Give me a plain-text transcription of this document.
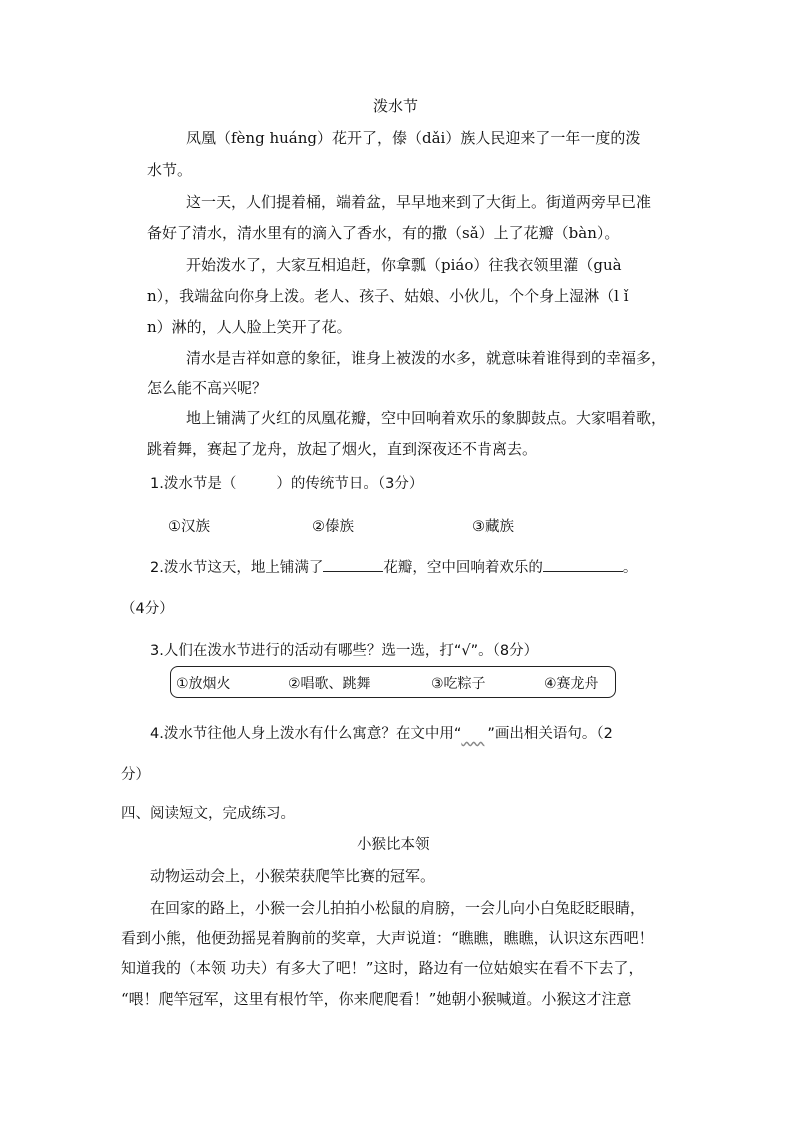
泼水节
凤凰（fèng huáng）花开了，傣（dǎi）族人民迎来了一年一度的泼
水节。
这一天，人们提着桶，端着盆，早早地来到了大街上。街道两旁早已准
备好了清水，清水里有的滴入了香水，有的撒（sǎ）上了花瓣（bàn）。
开始泼水了，大家互相追赶，你拿瓢（piáo）往我衣领里灌（guà
n），我端盆向你身上泼。老人、孩子、姑娘、小伙儿，个个身上湿淋（l ǐ
n）淋的，人人脸上笑开了花。
清水是吉祥如意的象征，谁身上被泼的水多，就意味着谁得到的幸福多，
怎么能不高兴呢？
地上铺满了火红的凤凰花瓣，空中回响着欢乐的象脚鼓点。大家唱着歌，
跳着舞，赛起了龙舟，放起了烟火，直到深夜还不肯离去。
1.泼水节是（	）的传统节日。（3分）
①汉族	②傣族	③藏族
2.泼水节这天，地上铺满了	花瓣，空中回响着欢乐的	。
（4分）
3.人们在泼水节进行的活动有哪些？选一选，打“√”。（8分）
①放烟火	②唱歌、跳舞	③吃粽子	④赛龙舟
4.泼水节往他人身上泼水有什么寓意？在文中用“ ”画出相关语句。（2
分）
四、阅读短文，完成练习。
小猴比本领
动物运动会上，小猴荣获爬竿比赛的冠军。
在回家的路上，小猴一会儿拍拍小松鼠的肩膀，一会儿向小白兔眨眨眼睛，
看到小熊，他便劲摇晃着胸前的奖章，大声说道：“瞧瞧，瞧瞧，认识这东西吧！
知道我的（本领 功夫）有多大了吧！”这时，路边有一位姑娘实在看不下去了，
“喂！爬竿冠军，这里有根竹竿，你来爬爬看！”她朝小猴喊道。小猴这才注意
